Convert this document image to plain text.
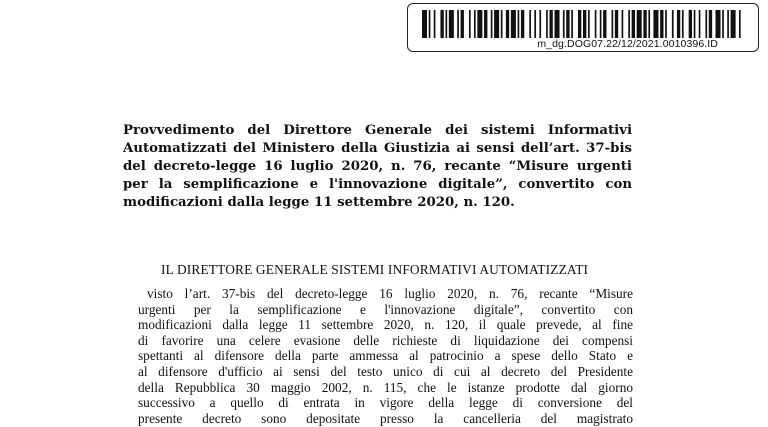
m_dg.DOG07.22/12/2021.0010396.ID
Provvedimento del Direttore Generale dei sistemi Informativi
Automatizzati del Ministero della Giustizia ai sensi dell’art. 37-bis
del decreto-legge 16 luglio 2020, n. 76, recante “Misure urgenti
per la semplificazione e l'innovazione digitale”, convertito con
modificazioni dalla legge 11 settembre 2020, n. 120.
IL DIRETTORE GENERALE SISTEMI INFORMATIVI AUTOMATIZZATI
visto l’art. 37-bis del decreto-legge 16 luglio 2020, n. 76, recante “Misure
urgenti per la semplificazione e l'innovazione digitale”, convertito con
modificazioni dalla legge 11 settembre 2020, n. 120, il quale prevede, al fine
di favorire una celere evasione delle richieste di liquidazione dei compensi
spettanti al difensore della parte ammessa al patrocinio a spese dello Stato e
al difensore d'ufficio ai sensi del testo unico di cui al decreto del Presidente
della Repubblica 30 maggio 2002, n. 115, che le istanze prodotte dal giorno
successivo a quello di entrata in vigore della legge di conversione del
presente decreto sono depositate presso la cancelleria del magistrato
